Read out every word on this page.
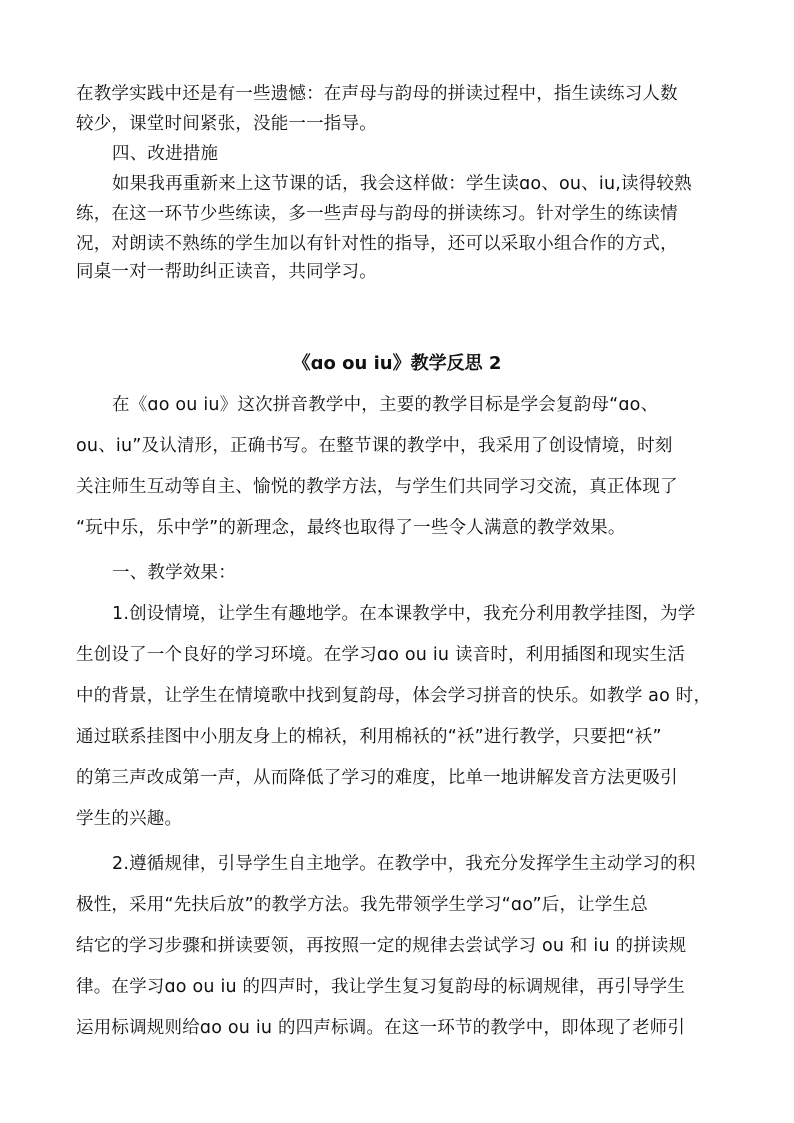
在教学实践中还是有一些遗憾：在声母与韵母的拼读过程中，指生读练习人数
较少，课堂时间紧张，没能一一指导。
四、改进措施
如果我再重新来上这节课的话，我会这样做：学生读ɑo、ou、iu,读得较熟
练，在这一环节少些练读，多一些声母与韵母的拼读练习。针对学生的练读情
况，对朗读不熟练的学生加以有针对性的指导，还可以采取小组合作的方式，
同桌一对一帮助纠正读音，共同学习。
《ɑo ou iu》教学反思 2
在《ɑo ou iu》这次拼音教学中，主要的教学目标是学会复韵母“ɑo、
ou、iu”及认清形，正确书写。在整节课的教学中，我采用了创设情境，时刻
关注师生互动等自主、愉悦的教学方法，与学生们共同学习交流，真正体现了
“玩中乐，乐中学”的新理念，最终也取得了一些令人满意的教学效果。
一、教学效果：
1.创设情境，让学生有趣地学。在本课教学中，我充分利用教学挂图，为学
生创设了一个良好的学习环境。在学习ɑo ou iu 读音时，利用插图和现实生活
中的背景，让学生在情境歌中找到复韵母，体会学习拼音的快乐。如教学 ao 时，
通过联系挂图中小朋友身上的棉袄，利用棉袄的“袄”进行教学，只要把“袄”
的第三声改成第一声，从而降低了学习的难度，比单一地讲解发音方法更吸引
学生的兴趣。
2.遵循规律，引导学生自主地学。在教学中，我充分发挥学生主动学习的积
极性，采用“先扶后放”的教学方法。我先带领学生学习“ɑo”后，让学生总
结它的学习步骤和拼读要领，再按照一定的规律去尝试学习 ou 和 iu 的拼读规
律。在学习ɑo ou iu 的四声时，我让学生复习复韵母的标调规律，再引导学生
运用标调规则给ɑo ou iu 的四声标调。在这一环节的教学中，即体现了老师引
